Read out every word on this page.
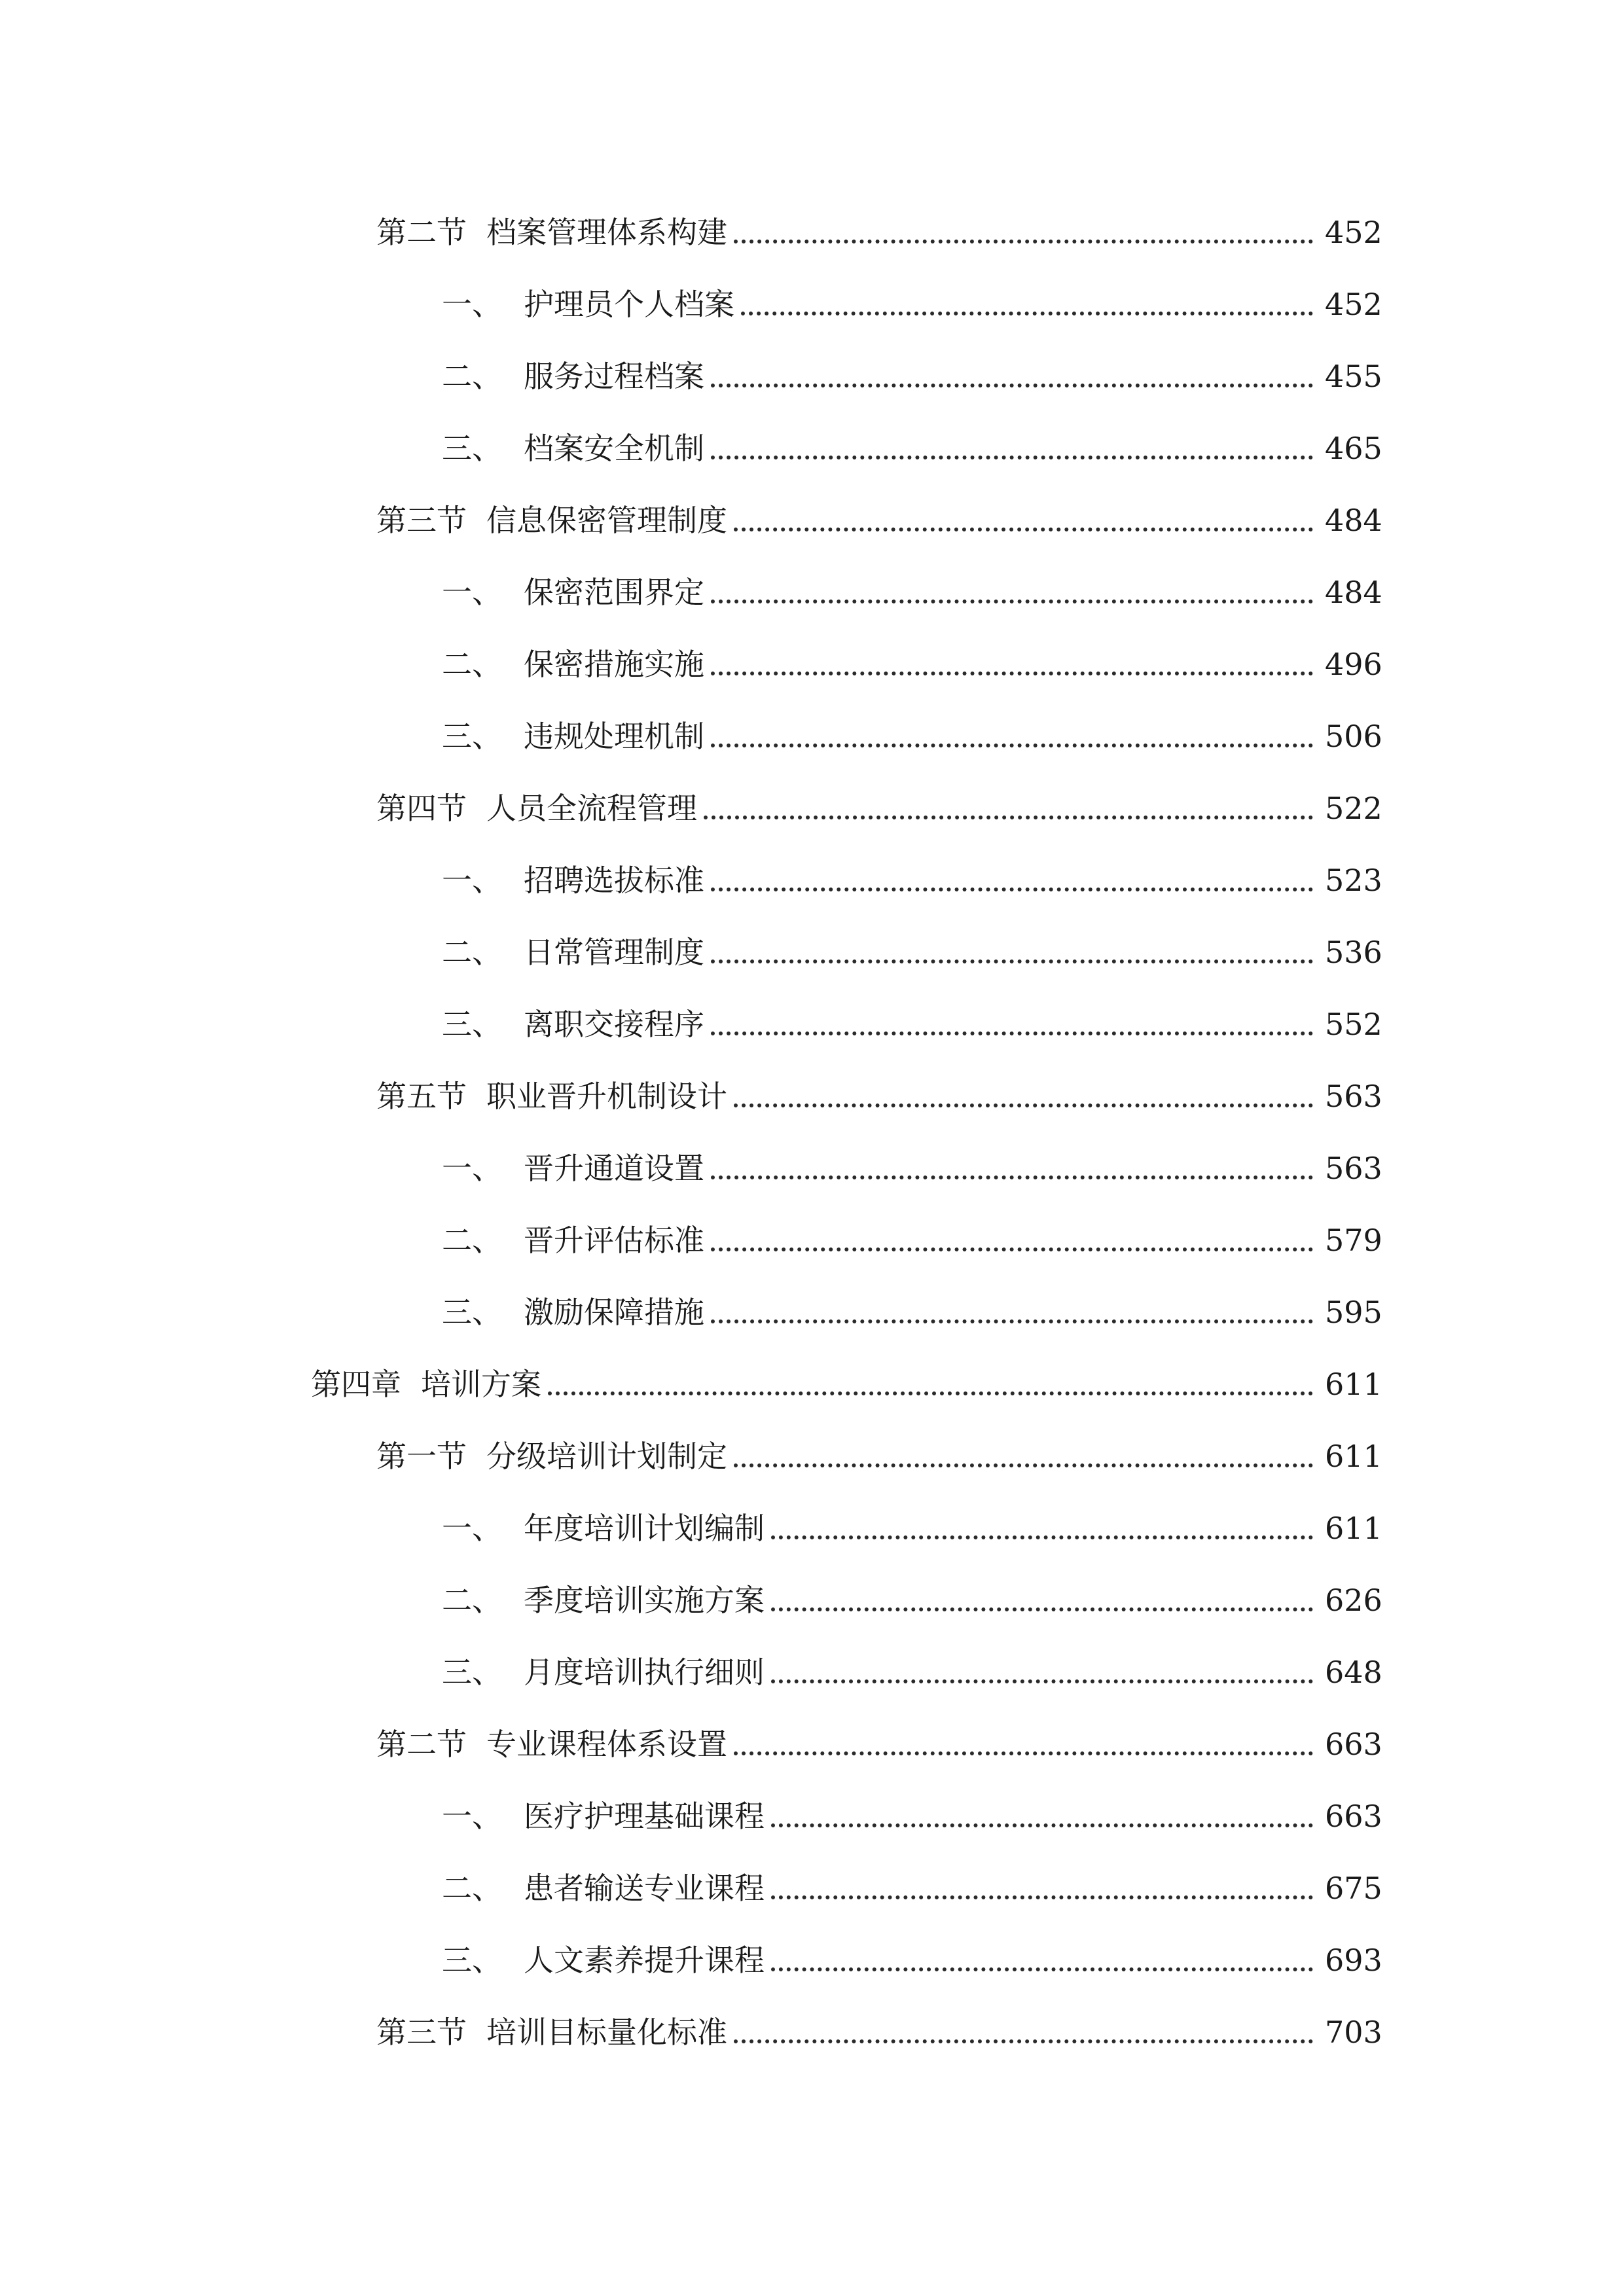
第二节 档案管理体系构建	452
一、 护理员个人档案	452
二、 服务过程档案	455
三、 档案安全机制	465
第三节 信息保密管理制度	484
一、 保密范围界定	484
二、 保密措施实施	496
三、 违规处理机制	506
第四节 人员全流程管理	522
一、 招聘选拔标准	523
二、 日常管理制度	536
三、 离职交接程序	552
第五节 职业晋升机制设计	563
一、 晋升通道设置	563
二、 晋升评估标准	579
三、 激励保障措施	595
第四章 培训方案	611
第一节 分级培训计划制定	611
一、 年度培训计划编制	611
二、 季度培训实施方案	626
三、 月度培训执行细则	648
第二节 专业课程体系设置	663
一、 医疗护理基础课程	663
二、 患者输送专业课程	675
三、 人文素养提升课程	693
第三节 培训目标量化标准	703
